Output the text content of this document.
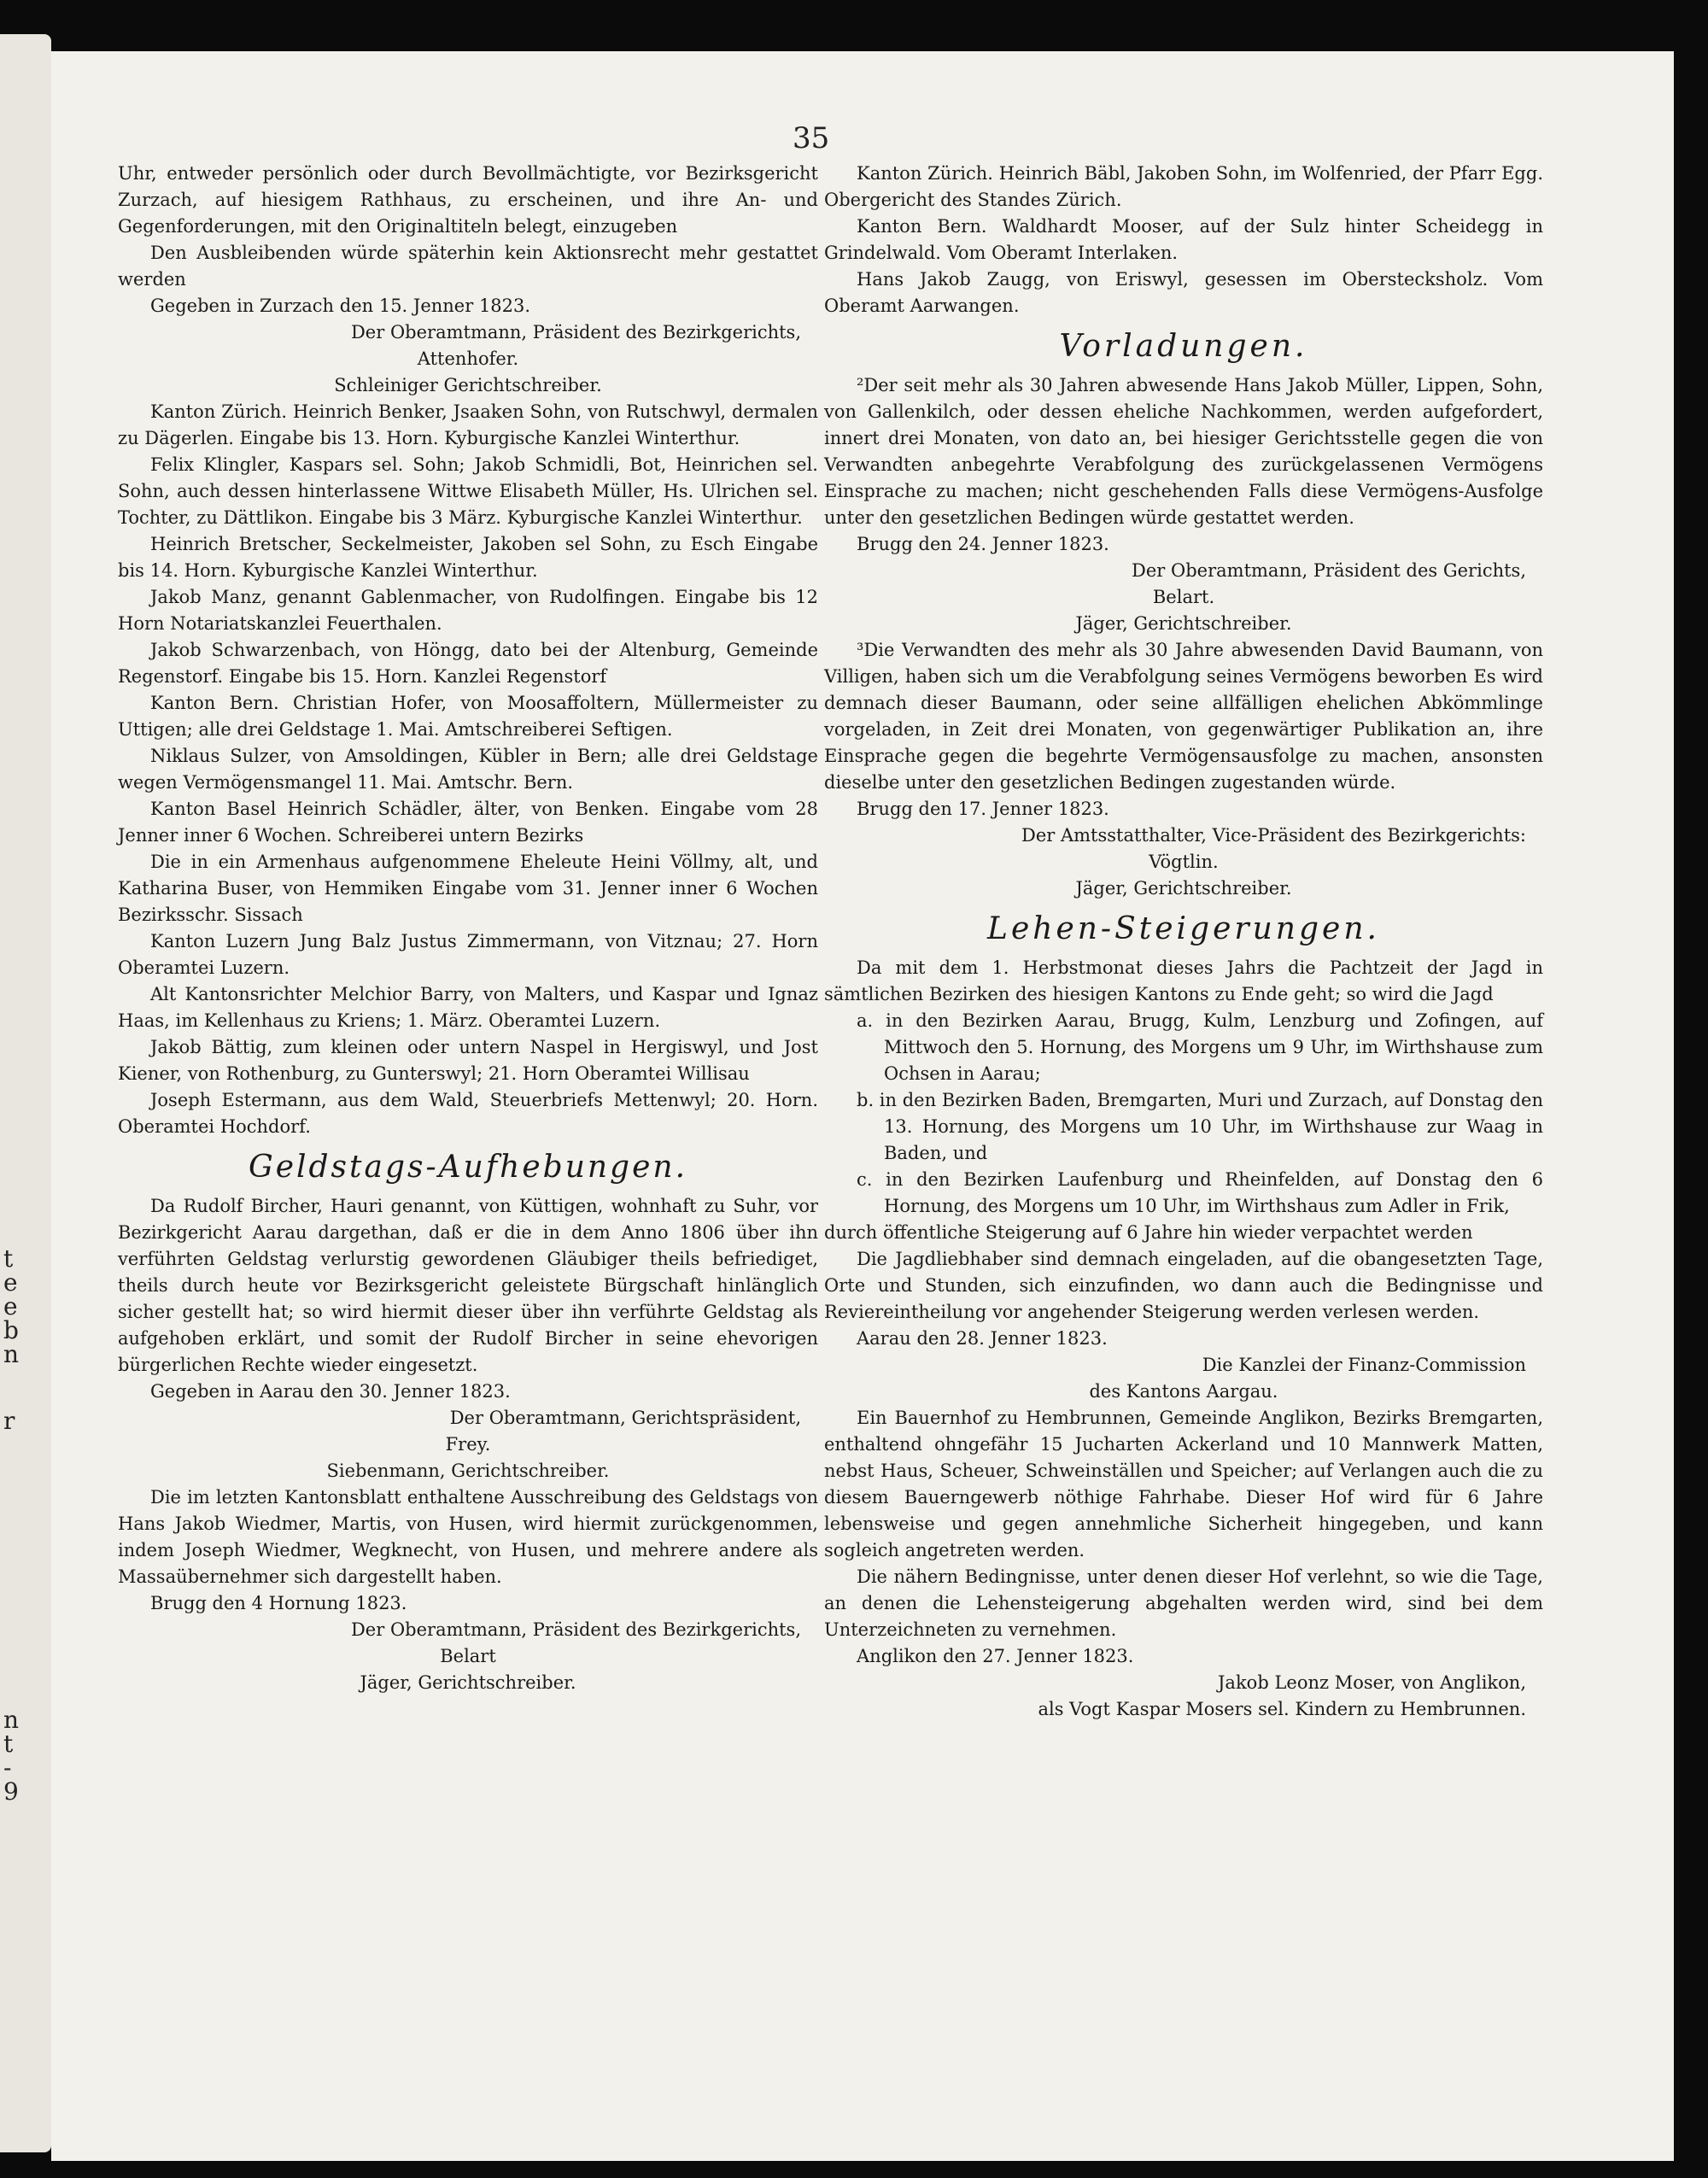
t
e
e
b
n
r
n
t
-
9
35

Uhr, entweder persönlich oder durch Bevollmächtigte, vor Bezirksgericht Zurzach, auf hiesigem Rathhaus, zu erscheinen, und ihre An- und Gegenforderungen, mit den Originaltiteln belegt, einzugeben

Den Ausbleibenden würde späterhin kein Aktionsrecht mehr gestattet werden

Gegeben in Zurzach den 15. Jenner 1823.

Der Oberamtmann, Präsident des Bezirkgerichts,

Attenhofer.

Schleiniger Gerichtschreiber.

Kanton Zürich. Heinrich Benker, Jsaaken Sohn, von Rutschwyl, dermalen zu Dägerlen. Eingabe bis 13. Horn. Kyburgische Kanzlei Winterthur.

Felix Klingler, Kaspars sel. Sohn; Jakob Schmidli, Bot, Heinrichen sel. Sohn, auch dessen hinterlassene Wittwe Elisabeth Müller, Hs. Ulrichen sel. Tochter, zu Dättlikon. Eingabe bis 3 März. Kyburgische Kanzlei Winterthur.

Heinrich Bretscher, Seckelmeister, Jakoben sel Sohn, zu Esch Eingabe bis 14. Horn. Kyburgische Kanzlei Winterthur.

Jakob Manz, genannt Gablenmacher, von Rudolfingen. Eingabe bis 12 Horn Notariatskanzlei Feuerthalen.

Jakob Schwarzenbach, von Höngg, dato bei der Altenburg, Gemeinde Regenstorf. Eingabe bis 15. Horn. Kanzlei Regenstorf

Kanton Bern. Christian Hofer, von Moosaffoltern, Müllermeister zu Uttigen; alle drei Geldstage 1. Mai. Amtschreiberei Seftigen.

Niklaus Sulzer, von Amsoldingen, Kübler in Bern; alle drei Geldstage wegen Vermögensmangel 11. Mai. Amtschr. Bern.

Kanton Basel Heinrich Schädler, älter, von Benken. Eingabe vom 28 Jenner inner 6 Wochen. Schreiberei untern Bezirks

Die in ein Armenhaus aufgenommene Eheleute Heini Völlmy, alt, und Katharina Buser, von Hemmiken Eingabe vom 31. Jenner inner 6 Wochen Bezirksschr. Sissach

Kanton Luzern Jung Balz Justus Zimmermann, von Vitznau; 27. Horn Oberamtei Luzern.

Alt Kantonsrichter Melchior Barry, von Malters, und Kaspar und Ignaz Haas, im Kellenhaus zu Kriens; 1. März. Oberamtei Luzern.

Jakob Bättig, zum kleinen oder untern Naspel in Hergiswyl, und Jost Kiener, von Rothenburg, zu Gunterswyl; 21. Horn Oberamtei Willisau

Joseph Estermann, aus dem Wald, Steuerbriefs Mettenwyl; 20. Horn. Oberamtei Hochdorf.

Geldstags-Aufhebungen.

Da Rudolf Bircher, Hauri genannt, von Küttigen, wohnhaft zu Suhr, vor Bezirkgericht Aarau dargethan, daß er die in dem Anno 1806 über ihn verführten Geldstag verlurstig gewordenen Gläubiger theils befriediget, theils durch heute vor Bezirksgericht geleistete Bürgschaft hinlänglich sicher gestellt hat; so wird hiermit dieser über ihn verführte Geldstag als aufgehoben erklärt, und somit der Rudolf Bircher in seine ehevorigen bürgerlichen Rechte wieder eingesetzt.

Gegeben in Aarau den 30. Jenner 1823.

Der Oberamtmann, Gerichtspräsident,

Frey.

Siebenmann, Gerichtschreiber.

Die im letzten Kantonsblatt enthaltene Ausschreibung des Geldstags von Hans Jakob Wiedmer, Martis, von Husen, wird hiermit zurückgenommen, indem Joseph Wiedmer, Wegknecht, von Husen, und mehrere andere als Massaübernehmer sich dargestellt haben.

Brugg den 4 Hornung 1823.

Der Oberamtmann, Präsident des Bezirkgerichts,

Belart

Jäger, Gerichtschreiber.

Kanton Zürich. Heinrich Bäbl, Jakoben Sohn, im Wolfenried, der Pfarr Egg. Obergericht des Standes Zürich.

Kanton Bern. Waldhardt Mooser, auf der Sulz hinter Scheidegg in Grindelwald. Vom Oberamt Interlaken.

Hans Jakob Zaugg, von Eriswyl, gesessen im Oberstecksholz. Vom Oberamt Aarwangen.

Vorladungen.

²Der seit mehr als 30 Jahren abwesende Hans Jakob Müller, Lippen, Sohn, von Gallenkilch, oder dessen eheliche Nachkommen, werden aufgefordert, innert drei Monaten, von dato an, bei hiesiger Gerichtsstelle gegen die von Verwandten anbegehrte Verabfolgung des zurückgelassenen Vermögens Einsprache zu machen; nicht geschehenden Falls diese Vermögens-Ausfolge unter den gesetzlichen Bedingen würde gestattet werden.

Brugg den 24. Jenner 1823.

Der Oberamtmann, Präsident des Gerichts,

Belart.

Jäger, Gerichtschreiber.

³Die Verwandten des mehr als 30 Jahre abwesenden David Baumann, von Villigen, haben sich um die Verabfolgung seines Vermögens beworben Es wird demnach dieser Baumann, oder seine allfälligen ehelichen Abkömmlinge vorgeladen, in Zeit drei Monaten, von gegenwärtiger Publikation an, ihre Einsprache gegen die begehrte Vermögensausfolge zu machen, ansonsten dieselbe unter den gesetzlichen Bedingen zugestanden würde.

Brugg den 17. Jenner 1823.

Der Amtsstatthalter, Vice-Präsident des Bezirkgerichts:

Vögtlin.

Jäger, Gerichtschreiber.

Lehen-Steigerungen.

Da mit dem 1. Herbstmonat dieses Jahrs die Pachtzeit der Jagd in sämtlichen Bezirken des hiesigen Kantons zu Ende geht; so wird die Jagd

a. in den Bezirken Aarau, Brugg, Kulm, Lenzburg und Zofingen, auf Mittwoch den 5. Hornung, des Morgens um 9 Uhr, im Wirthshause zum Ochsen in Aarau;
b. in den Bezirken Baden, Bremgarten, Muri und Zurzach, auf Donstag den 13. Hornung, des Morgens um 10 Uhr, im Wirthshause zur Waag in Baden, und
c. in den Bezirken Laufenburg und Rheinfelden, auf Donstag den 6 Hornung, des Morgens um 10 Uhr, im Wirthshaus zum Adler in Frik,

durch öffentliche Steigerung auf 6 Jahre hin wieder verpachtet werden

Die Jagdliebhaber sind demnach eingeladen, auf die obangesetzten Tage, Orte und Stunden, sich einzufinden, wo dann auch die Bedingnisse und Reviereintheilung vor angehender Steigerung werden verlesen werden.

Aarau den 28. Jenner 1823.

Die Kanzlei der Finanz-Commission

des Kantons Aargau.

Ein Bauernhof zu Hembrunnen, Gemeinde Anglikon, Bezirks Bremgarten, enthaltend ohngefähr 15 Jucharten Ackerland und 10 Mannwerk Matten, nebst Haus, Scheuer, Schweinställen und Speicher; auf Verlangen auch die zu diesem Bauerngewerb nöthige Fahrhabe. Dieser Hof wird für 6 Jahre lebensweise und gegen annehmliche Sicherheit hingegeben, und kann sogleich angetreten werden.

Die nähern Bedingnisse, unter denen dieser Hof verlehnt, so wie die Tage, an denen die Lehensteigerung abgehalten werden wird, sind bei dem Unterzeichneten zu vernehmen.

Anglikon den 27. Jenner 1823.

Jakob Leonz Moser, von Anglikon,

als Vogt Kaspar Mosers sel. Kindern zu Hembrunnen.
